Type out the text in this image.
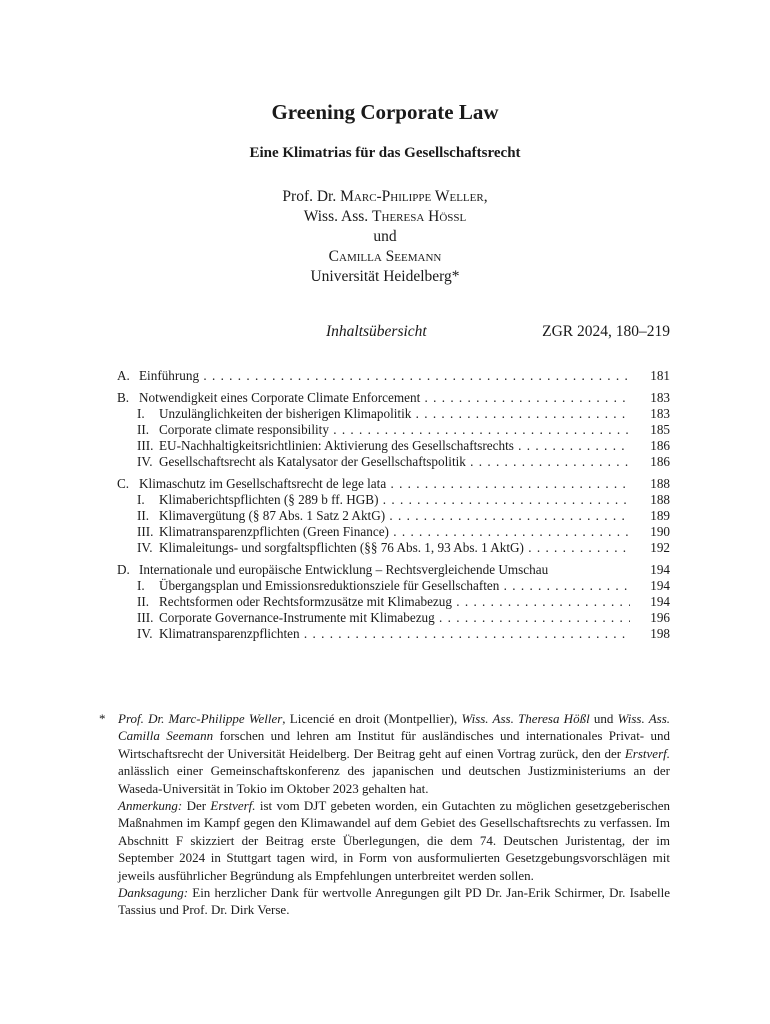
Greening Corporate Law
Eine Klimatrias für das Gesellschaftsrecht
Prof. Dr. Marc-Philippe Weller,
Wiss. Ass. Theresa Hößl
und
Camilla Seemann
Universität Heidelberg*
Inhaltsübersicht	ZGR 2024, 180–219
A. Einführung . . .	181
B. Notwendigkeit eines Corporate Climate Enforcement . . .	183
I. Unzulänglichkeiten der bisherigen Klimapolitik . . .	183
II. Corporate climate responsibility . . .	185
III. EU-Nachhaltigkeitsrichtlinien: Aktivierung des Gesellschaftsrechts . . .	186
IV. Gesellschaftsrecht als Katalysator der Gesellschaftspolitik . . .	186
C. Klimaschutz im Gesellschaftsrecht de lege lata . . .	188
I. Klimaberichtspflichten (§ 289 b ff. HGB) . . .	188
II. Klimavergütung (§ 87 Abs. 1 Satz 2 AktG) . . .	189
III. Klimatransparenzpflichten (Green Finance) . . .	190
IV. Klimaleitungs- und sorgfaltspflichten (§§ 76 Abs. 1, 93 Abs. 1 AktG) . . .	192
D. Internationale und europäische Entwicklung – Rechtsvergleichende Umschau	194
I. Übergangsplan und Emissionsreduktionsziele für Gesellschaften . . .	194
II. Rechtsformen oder Rechtsformzusätze mit Klimabezug . . .	194
III. Corporate Governance-Instrumente mit Klimabezug . . .	196
IV. Klimatransparenzpflichten . . .	198
* Prof. Dr. Marc-Philippe Weller, Licencié en droit (Montpellier), Wiss. Ass. Theresa Hößl und Wiss. Ass. Camilla Seemann forschen und lehren am Institut für ausländisches und internationales Privat- und Wirtschaftsrecht der Universität Heidelberg. Der Beitrag geht auf einen Vortrag zurück, den der Erstverf. anlässlich einer Gemeinschaftskonferenz des japanischen und deutschen Justizministeriums an der Waseda-Universität in Tokio im Oktober 2023 gehalten hat.

Anmerkung: Der Erstverf. ist vom DJT gebeten worden, ein Gutachten zu möglichen gesetzgeberischen Maßnahmen im Kampf gegen den Klimawandel auf dem Gebiet des Gesellschaftsrechts zu verfassen. Im Abschnitt F skizziert der Beitrag erste Überlegungen, die dem 74. Deutschen Juristentag, der im September 2024 in Stuttgart tagen wird, in Form von ausformulierten Gesetzgebungsvorschlägen mit jeweils ausführlicher Begründung als Empfehlungen unterbreitet werden sollen.

Danksagung: Ein herzlicher Dank für wertvolle Anregungen gilt PD Dr. Jan-Erik Schirmer, Dr. Isabelle Tassius und Prof. Dr. Dirk Verse.
